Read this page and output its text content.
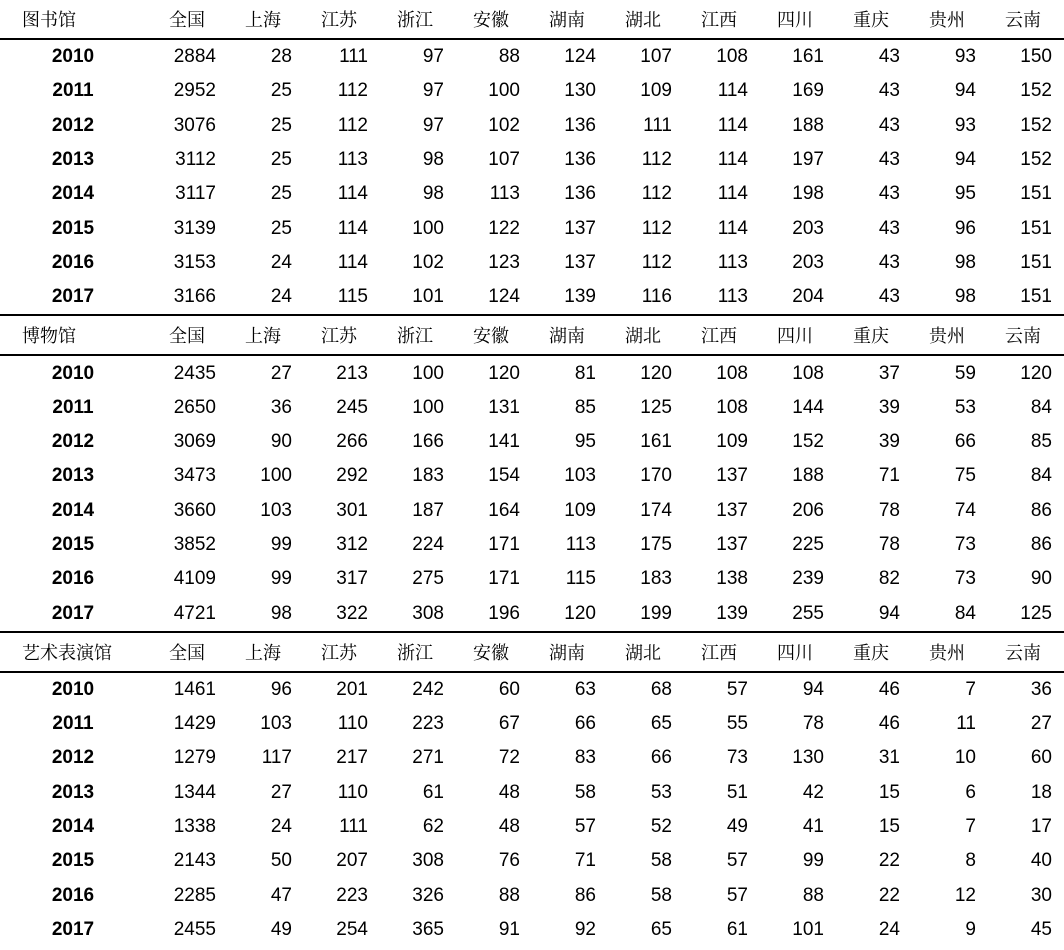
图书馆	全国	上海	江苏	浙江	安徽	湖南	湖北	江西	四川	重庆	贵州	云南
2010	2884	28	111	97	88	124	107	108	161	43	93	150
2011	2952	25	112	97	100	130	109	114	169	43	94	152
2012	3076	25	112	97	102	136	111	114	188	43	93	152
2013	3112	25	113	98	107	136	112	114	197	43	94	152
2014	3117	25	114	98	113	136	112	114	198	43	95	151
2015	3139	25	114	100	122	137	112	114	203	43	96	151
2016	3153	24	114	102	123	137	112	113	203	43	98	151
2017	3166	24	115	101	124	139	116	113	204	43	98	151
博物馆	全国	上海	江苏	浙江	安徽	湖南	湖北	江西	四川	重庆	贵州	云南
2010	2435	27	213	100	120	81	120	108	108	37	59	120
2011	2650	36	245	100	131	85	125	108	144	39	53	84
2012	3069	90	266	166	141	95	161	109	152	39	66	85
2013	3473	100	292	183	154	103	170	137	188	71	75	84
2014	3660	103	301	187	164	109	174	137	206	78	74	86
2015	3852	99	312	224	171	113	175	137	225	78	73	86
2016	4109	99	317	275	171	115	183	138	239	82	73	90
2017	4721	98	322	308	196	120	199	139	255	94	84	125
艺术表演馆	全国	上海	江苏	浙江	安徽	湖南	湖北	江西	四川	重庆	贵州	云南
2010	1461	96	201	242	60	63	68	57	94	46	7	36
2011	1429	103	110	223	67	66	65	55	78	46	11	27
2012	1279	117	217	271	72	83	66	73	130	31	10	60
2013	1344	27	110	61	48	58	53	51	42	15	6	18
2014	1338	24	111	62	48	57	52	49	41	15	7	17
2015	2143	50	207	308	76	71	58	57	99	22	8	40
2016	2285	47	223	326	88	86	58	57	88	22	12	30
2017	2455	49	254	365	91	92	65	61	101	24	9	45
